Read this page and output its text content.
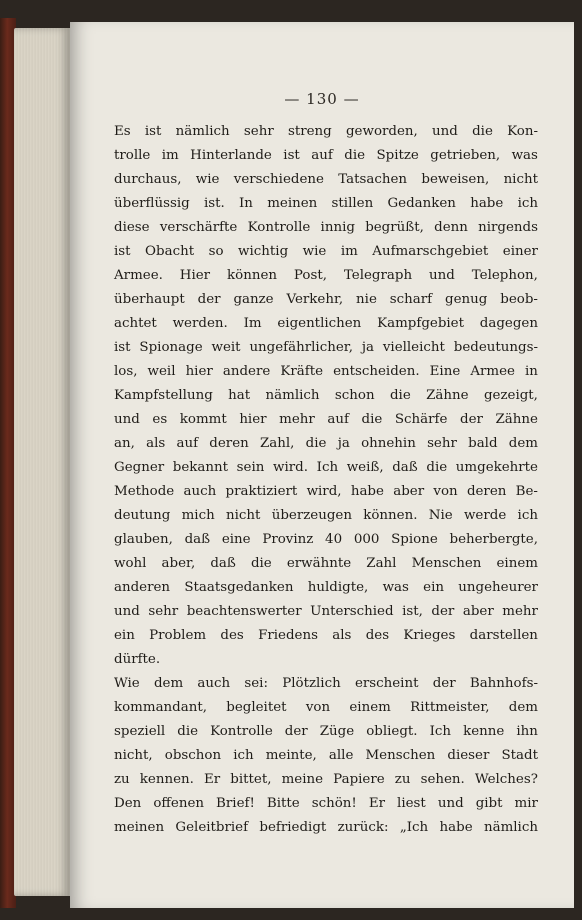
— 130 —
Es ist nämlich sehr streng geworden, und die Kon-
trolle im Hinterlande ist auf die Spitze getrieben, was
durchaus, wie verschiedene Tatsachen beweisen, nicht
überflüssig ist. In meinen stillen Gedanken habe ich
diese verschärfte Kontrolle innig begrüßt, denn nirgends
ist Obacht so wichtig wie im Aufmarschgebiet einer
Armee. Hier können Post, Telegraph und Telephon,
überhaupt der ganze Verkehr, nie scharf genug beob-
achtet werden. Im eigentlichen Kampfgebiet dagegen
ist Spionage weit ungefährlicher, ja vielleicht bedeutungs-
los, weil hier andere Kräfte entscheiden. Eine Armee in
Kampfstellung hat nämlich schon die Zähne gezeigt,
und es kommt hier mehr auf die Schärfe der Zähne
an, als auf deren Zahl, die ja ohnehin sehr bald dem
Gegner bekannt sein wird. Ich weiß, daß die umgekehrte
Methode auch praktiziert wird, habe aber von deren Be-
deutung mich nicht überzeugen können. Nie werde ich
glauben, daß eine Provinz 40 000 Spione beherbergte,
wohl aber, daß die erwähnte Zahl Menschen einem
anderen Staatsgedanken huldigte, was ein ungeheurer
und sehr beachtenswerter Unterschied ist, der aber mehr
ein Problem des Friedens als des Krieges darstellen
dürfte.
Wie dem auch sei: Plötzlich erscheint der Bahnhofs-
kommandant, begleitet von einem Rittmeister, dem
speziell die Kontrolle der Züge obliegt. Ich kenne ihn
nicht, obschon ich meinte, alle Menschen dieser Stadt
zu kennen. Er bittet, meine Papiere zu sehen. Welches?
Den offenen Brief! Bitte schön! Er liest und gibt mir
meinen Geleitbrief befriedigt zurück: „Ich habe nämlich
